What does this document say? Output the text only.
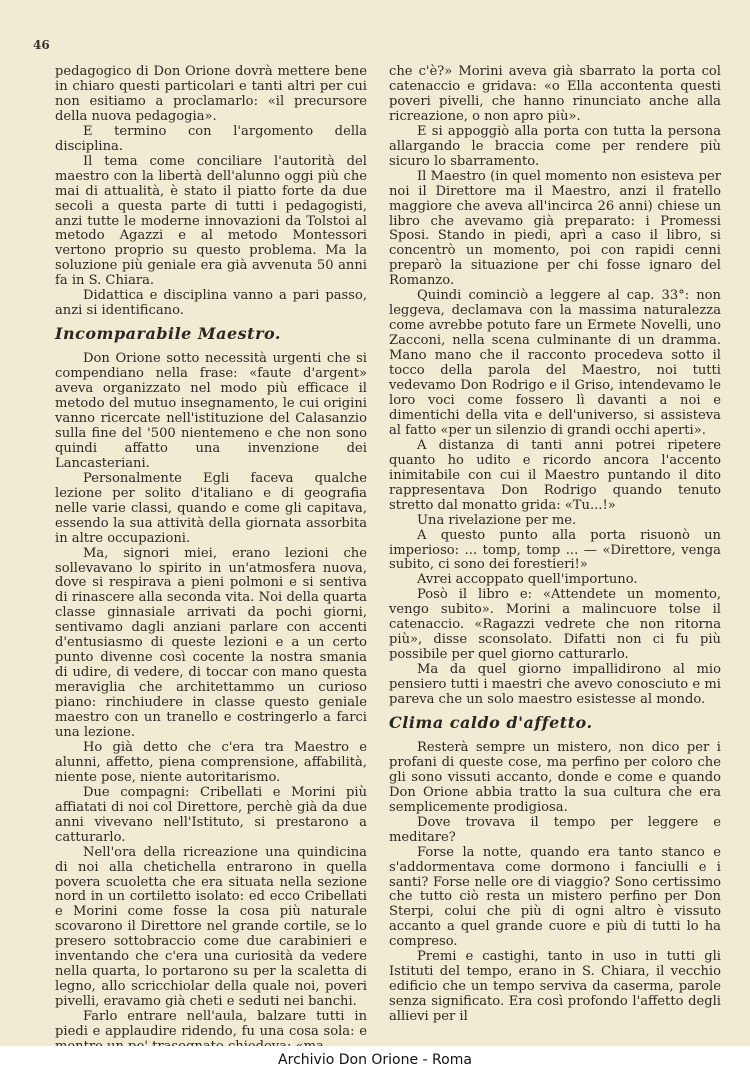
46

pedagogico di Don Orione dovrà mettere bene in chiaro questi particolari e tanti altri per cui non esitiamo a proclamarlo: «il precursore della nuova pedagogia».

E termino con l'argomento della disciplina.

Il tema come conciliare l'autorità del maestro con la libertà dell'alunno oggi più che mai di attualità, è stato il piatto forte da due secoli a questa parte di tutti i pedagogisti, anzi tutte le moderne innovazioni da Tolstoi al metodo Agazzi e al metodo Montessori vertono proprio su questo problema. Ma la soluzione più geniale era già avvenuta 50 anni fa in S. Chiara.

Didattica e disciplina vanno a pari passo, anzi si identificano.

Incomparabile Maestro.

Don Orione sotto necessità urgenti che si compendiano nella frase: «faute d'argent» aveva organizzato nel modo più efficace il metodo del mutuo insegnamento, le cui origini vanno ricercate nell'istituzione del Calasanzio sulla fine del '500 nientemeno e che non sono quindi affatto una invenzione dei Lancasteriani.

Personalmente Egli faceva qualche lezione per solito d'italiano e di geografia nelle varie classi, quando e come gli capitava, essendo la sua attività della giornata assorbita in altre occupazioni.

Ma, signori miei, erano lezioni che sollevavano lo spirito in un'atmosfera nuova, dove si respirava a pieni polmoni e si sentiva di rinascere alla seconda vita. Noi della quarta classe ginnasiale arrivati da pochi giorni, sentivamo dagli anziani parlare con accenti d'entusiasmo di queste lezioni e a un certo punto divenne così cocente la nostra smania di udire, di vedere, di toccar con mano questa meraviglia che architettammo un curioso piano: rinchiudere in classe questo geniale maestro con un tranello e costringerlo a farci una lezione.

Ho già detto che c'era tra Maestro e alunni, affetto, piena comprensione, affabilità, niente pose, niente autoritarismo.

Due compagni: Cribellati e Morini più affiatati di noi col Direttore, perchè già da due anni vivevano nell'Istituto, si prestarono a catturarlo.

Nell'ora della ricreazione una quindicina di noi alla chetichella entrarono in quella povera scuoletta che era situata nella sezione nord in un cortiletto isolato: ed ecco Cribellati e Morini come fosse la cosa più naturale scovarono il Direttore nel grande cortile, se lo presero sottobraccio come due carabinieri e inventando che c'era una curiosità da vedere nella quarta, lo portarono su per la scaletta di legno, allo scricchiolar della quale noi, poveri pivelli, eravamo già cheti e seduti nei banchi.

Farlo entrare nell'aula, balzare tutti in piedi e applaudire ridendo, fu una cosa sola: e

che c'è?» Morini aveva già sbarrato la porta col catenaccio e gridava: «o Ella accontenta questi poveri pivelli, che hanno rinunciato anche alla ricreazione, o non apro più».

E si appoggiò alla porta con tutta la persona allargando le braccia come per rendere più sicuro lo sbarramento.

Il Maestro (in quel momento non esisteva per noi il Direttore ma il Maestro, anzi il fratello maggiore che aveva all'incirca 26 anni) chiese un libro che avevamo già preparato: i Promessi Sposi. Stando in piedi, aprì a caso il libro, si concentrò un momento, poi con rapidi cenni preparò la situazione per chi fosse ignaro del Romanzo.

Quindi cominciò a leggere al cap. 33°: non leggeva, declamava con la massima naturalezza come avrebbe potuto fare un Ermete Novelli, uno Zacconi, nella scena culminante di un dramma. Mano mano che il racconto procedeva sotto il tocco della parola del Maestro, noi tutti vedevamo Don Rodrigo e il Griso, intendevamo le loro voci come fossero lì davanti a noi e dimentichi della vita e dell'universo, si assisteva al fatto «per un silenzio di grandi occhi aperti».

A distanza di tanti anni potrei ripetere quanto ho udito e ricordo ancora l'accento inimitabile con cui il Maestro puntando il dito rappresentava Don Rodrigo quando tenuto stretto dal monatto grida: «Tu...!»

Una rivelazione per me.

A questo punto alla porta risuonò un imperioso: ... tomp, tomp ... — «Direttore, venga subito, ci sono dei forestieri!»

Avrei accoppato quell'importuno.

Posò il libro e: «Attendete un momento, vengo subito». Morini a malincuore tolse il catenaccio. «Ragazzi vedrete che non ritorna più», disse sconsolato. Difatti non ci fu più possibile per quel giorno catturarlo.

Ma da quel giorno impallidirono al mio pensiero tutti i maestri che avevo conosciuto e mi pareva che un solo maestro esistesse al mondo.

Clima caldo d'affetto.

Resterà sempre un mistero, non dico per i profani di queste cose, ma perfino per coloro che gli sono vissuti accanto, donde e come e quando Don Orione abbia tratto la sua cultura che era semplicemente prodigiosa.

Dove trovava il tempo per leggere e meditare?

Forse la notte, quando era tanto stanco e s'addormentava come dormono i fanciulli e i santi? Forse nelle ore di viaggio? Sono certissimo che tutto ciò resta un mistero perfino per Don Sterpi, colui che più di ogni altro è vissuto accanto a quel grande cuore e più di tutti lo ha compreso.

Premi e castighi, tanto in uso in tutti gli Istituti del tempo, erano in S. Chiara, il vecchio edificio che un tempo serviva da caserma, parole senza significato. Era così profondo l'affetto degli allievi per il

Archivio Don Orione - Roma
